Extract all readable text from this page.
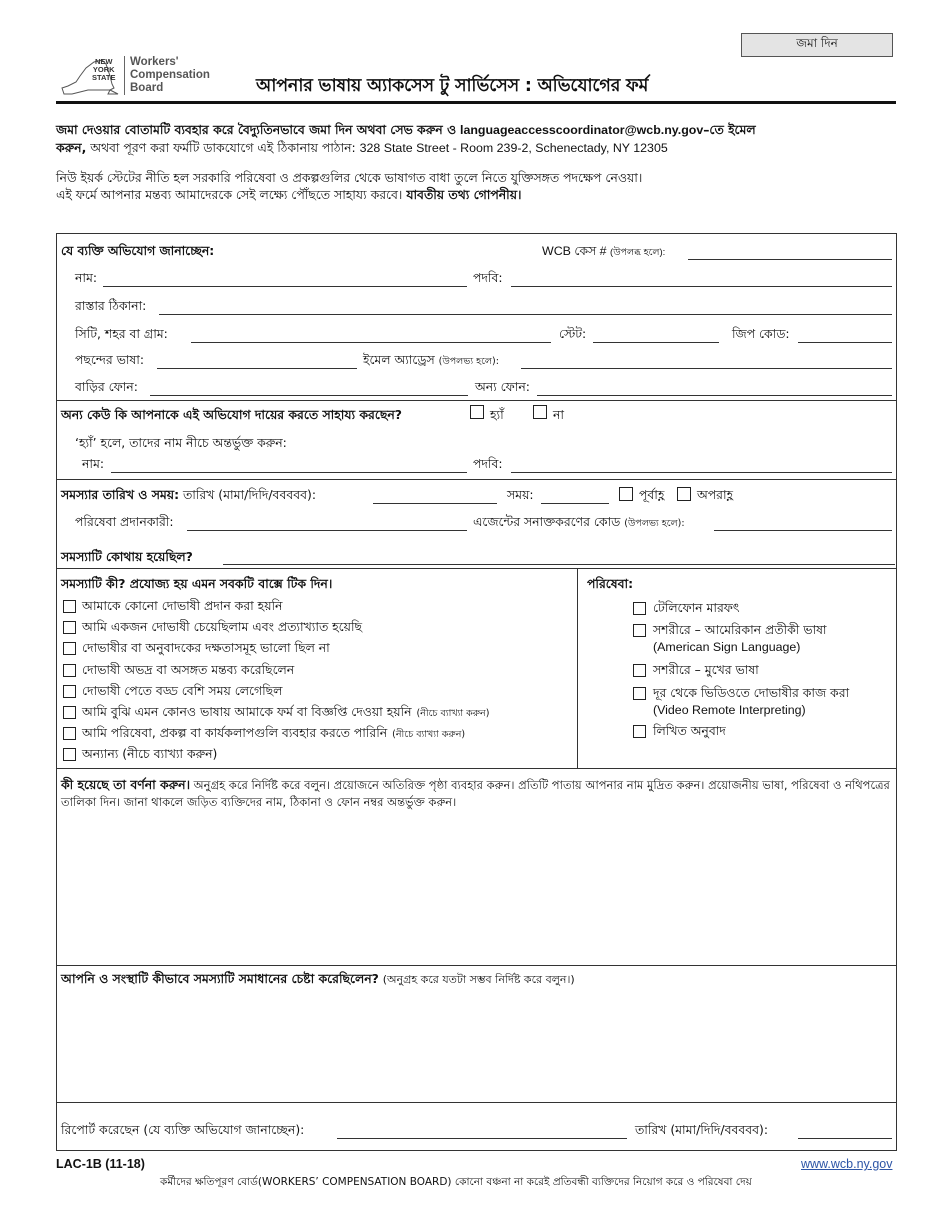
জমা দিন
NEW
YORK
STATE
Workers'
Compensation
Board	আপনার ভাষায় অ্যাকসেস টু সার্ভিসেস : অভিযোগের ফর্ম
জমা দেওয়ার বোতামটি ব্যবহার করে বৈদ্যুতিনভাবে জমা দিন অথবা সেভ করুন ও languageaccesscoordinator@wcb.ny.gov–তে ইমেল
করুন, অথবা পূরণ করা ফর্মটি ডাকযোগে এই ঠিকানায় পাঠান: 328 State Street - Room 239-2, Schenectady, NY 12305
নিউ ইয়র্ক স্টেটের নীতি হল সরকারি পরিষেবা ও প্রকল্পগুলির থেকে ভাষাগত বাধা তুলে নিতে যুক্তিসঙ্গত পদক্ষেপ নেওয়া।
এই ফর্মে আপনার মন্তব্য আমাদেরকে সেই লক্ষ্যে পৌঁছতে সাহায্য করবে। যাবতীয় তথ্য গোপনীয়।
যে ব্যক্তি অভিযোগ জানাচ্ছেন:	WCB কেস # (উপলব্ধ হলে):
নাম:	পদবি:
রাস্তার ঠিকানা:
সিটি, শহর বা গ্রাম:	স্টেট:	জিপ কোড:
পছন্দের ভাষা:	ইমেল অ্যাড্রেস (উপলভ্য হলে):
বাড়ির ফোন:	অন্য ফোন:
অন্য কেউ কি আপনাকে এই অভিযোগ দায়ের করতে সাহায্য করছেন?	হ্যাঁ	না
‘হ্যাঁ’ হলে, তাদের নাম নীচে অন্তর্ভুক্ত করুন:
নাম:	পদবি:
সমস্যার তারিখ ও সময়: তারিখ (মামা/দিদি/ববববব):	সময়:	পূর্বাহ্ণ	অপরাহ্ণ
পরিষেবা প্রদানকারী:	এজেন্টের সনাক্তকরণের কোড (উপলভ্য হলে):
সমস্যাটি কোথায় হয়েছিল?
সমস্যাটি কী? প্রযোজ্য হয় এমন সবকটি বাক্সে টিক দিন।
আমাকে কোনো দোভাষী প্রদান করা হয়নি
আমি একজন দোভাষী চেয়েছিলাম এবং প্রত্যাখ্যাত হয়েছি
দোভাষীর বা অনুবাদকের দক্ষতাসমূহ ভালো ছিল না
দোভাষী অভদ্র বা অসঙ্গত মন্তব্য করেছিলেন
দোভাষী পেতে বড্ড বেশি সময় লেগেছিল
আমি বুঝি এমন কোনও ভাষায় আমাকে ফর্ম বা বিজ্ঞপ্তি দেওয়া হয়নি (নীচে ব্যাখ্যা করুন)
আমি পরিষেবা, প্রকল্প বা কার্যকলাপগুলি ব্যবহার করতে পারিনি (নীচে ব্যাখ্যা করুন)
অন্যান্য (নীচে ব্যাখ্যা করুন)
পরিষেবা:
টেলিফোন মারফৎ
সশরীরে – আমেরিকান প্রতীকী ভাষা
(American Sign Language)
সশরীরে – মুখের ভাষা
দূর থেকে ভিডিওতে দোভাষীর কাজ করা
(Video Remote Interpreting)
লিখিত অনুবাদ
কী হয়েছে তা বর্ণনা করুন। অনুগ্রহ করে নির্দিষ্ট করে বলুন। প্রয়োজনে অতিরিক্ত পৃষ্ঠা ব্যবহার করুন। প্রতিটি পাতায় আপনার নাম মুদ্রিত করুন। প্রয়োজনীয় ভাষা, পরিষেবা ও নথিপত্রের তালিকা দিন। জানা থাকলে জড়িত ব্যক্তিদের নাম, ঠিকানা ও ফোন নম্বর অন্তর্ভুক্ত করুন।
আপনি ও সংস্থাটি কীভাবে সমস্যাটি সমাধানের চেষ্টা করেছিলেন? (অনুগ্রহ করে যতটা সম্ভব নির্দিষ্ট করে বলুন।)
রিপোর্ট করেছেন (যে ব্যক্তি অভিযোগ জানাচ্ছেন):	তারিখ (মামা/দিদি/ববববব):
LAC-1B (11-18)	www.wcb.ny.gov
কর্মীদের ক্ষতিপূরণ বোর্ড(WORKERS’ COMPENSATION BOARD) কোনো বঞ্চনা না করেই প্রতিবন্ধী ব্যক্তিদের নিয়োগ করে ও পরিষেবা দেয়
